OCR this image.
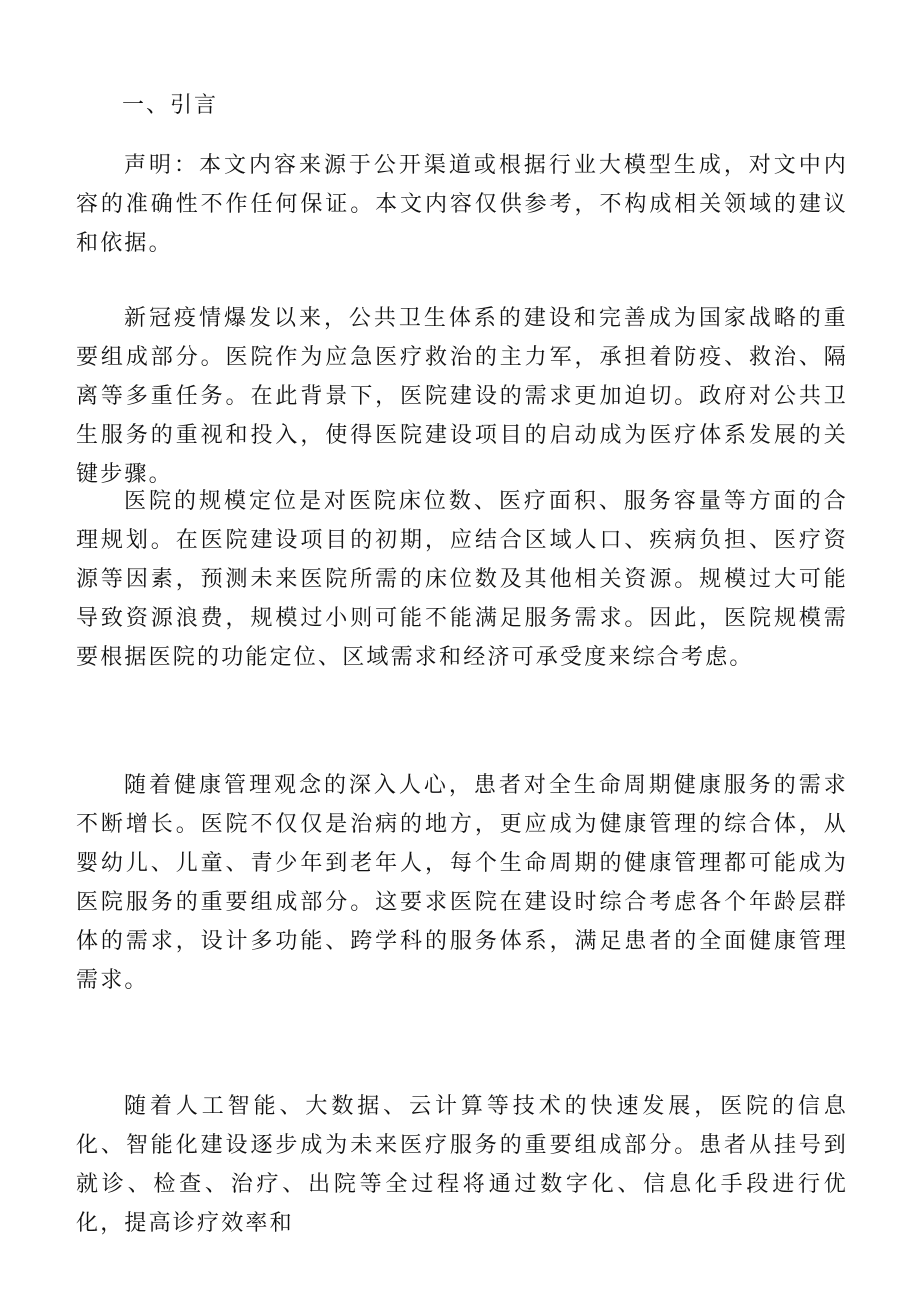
一、引言

声明：本文内容来源于公开渠道或根据行业大模型生成，对文中内容的准确性不作任何保证。本文内容仅供参考，不构成相关领域的建议和依据。

新冠疫情爆发以来，公共卫生体系的建设和完善成为国家战略的重要组成部分。医院作为应急医疗救治的主力军，承担着防疫、救治、隔离等多重任务。在此背景下，医院建设的需求更加迫切。政府对公共卫生服务的重视和投入，使得医院建设项目的启动成为医疗体系发展的关键步骤。

医院的规模定位是对医院床位数、医疗面积、服务容量等方面的合理规划。在医院建设项目的初期，应结合区域人口、疾病负担、医疗资源等因素，预测未来医院所需的床位数及其他相关资源。规模过大可能导致资源浪费，规模过小则可能不能满足服务需求。因此，医院规模需要根据医院的功能定位、区域需求和经济可承受度来综合考虑。

随着健康管理观念的深入人心，患者对全生命周期健康服务的需求不断增长。医院不仅仅是治病的地方，更应成为健康管理的综合体，从婴幼儿、儿童、青少年到老年人，每个生命周期的健康管理都可能成为医院服务的重要组成部分。这要求医院在建设时综合考虑各个年龄层群体的需求，设计多功能、跨学科的服务体系，满足患者的全面健康管理需求。

随着人工智能、大数据、云计算等技术的快速发展，医院的信息化、智能化建设逐步成为未来医疗服务的重要组成部分。患者从挂号到就诊、检查、治疗、出院等全过程将通过数字化、信息化手段进行优化，提高诊疗效率和
